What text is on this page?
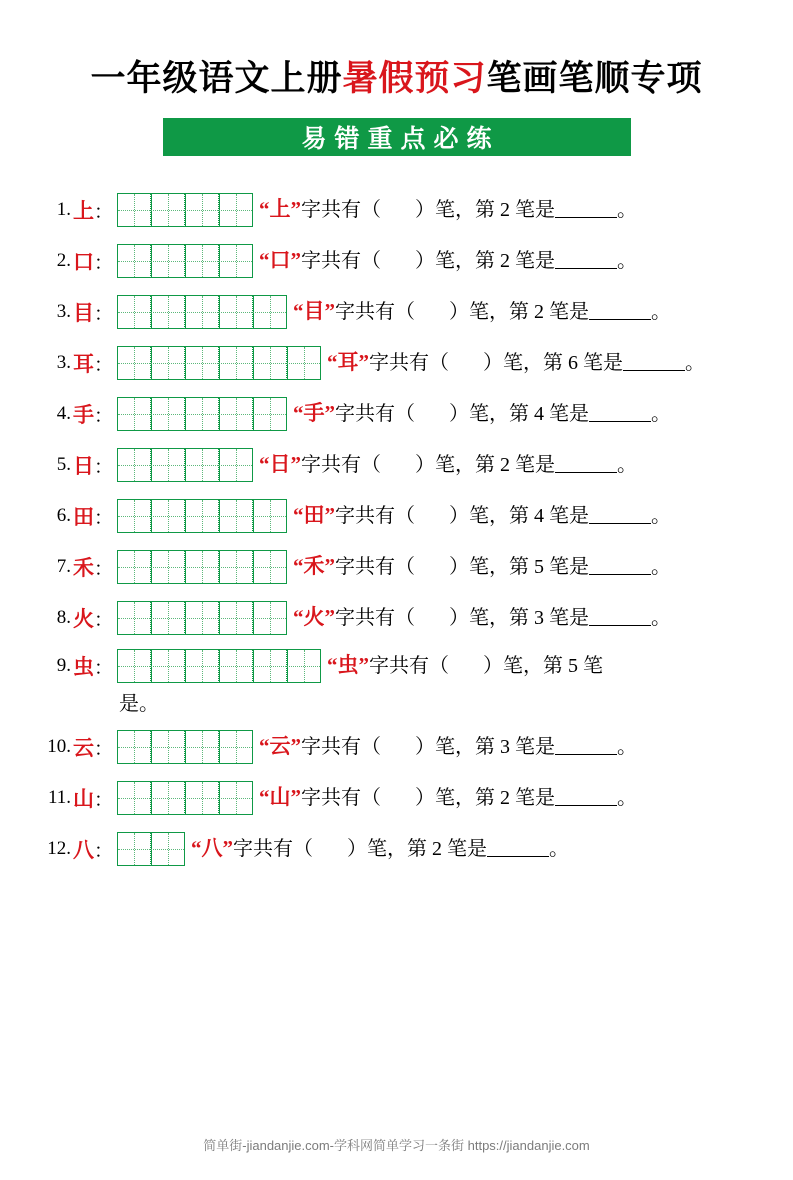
一年级语文上册暑假预习笔画笔顺专项
易错重点必练
1. 上 ：	“上”字共有（ ）笔，第 2 笔是	。
2. 口 ：	“口”字共有（ ）笔，第 2 笔是	。
3. 目 ：	“目”字共有（ ）笔，第 2 笔是	。
3. 耳 ：	“耳”字共有（ ）笔，第 6 笔是	。
4. 手 ：	“手”字共有（ ）笔，第 4 笔是	。
5. 日 ：	“日”字共有（ ）笔，第 2 笔是	。
6. 田 ：	“田”字共有（ ）笔，第 4 笔是	。
7. 禾 ：	“禾”字共有（ ）笔，第 5 笔是	。
8. 火 ：	“火”字共有（ ）笔，第 3 笔是	。
9. 虫 ：	“虫”字共有（ ）笔，第 5 笔
是。
10. 云 ：	“云”字共有（ ）笔，第 3 笔是	。
11. 山 ：	“山”字共有（ ）笔，第 2 笔是	。
12. 八 ：	“八”字共有（ ）笔，第 2 笔是	。
简单街-jiandanjie.com-学科网简单学习一条街 https://jiandanjie.com
